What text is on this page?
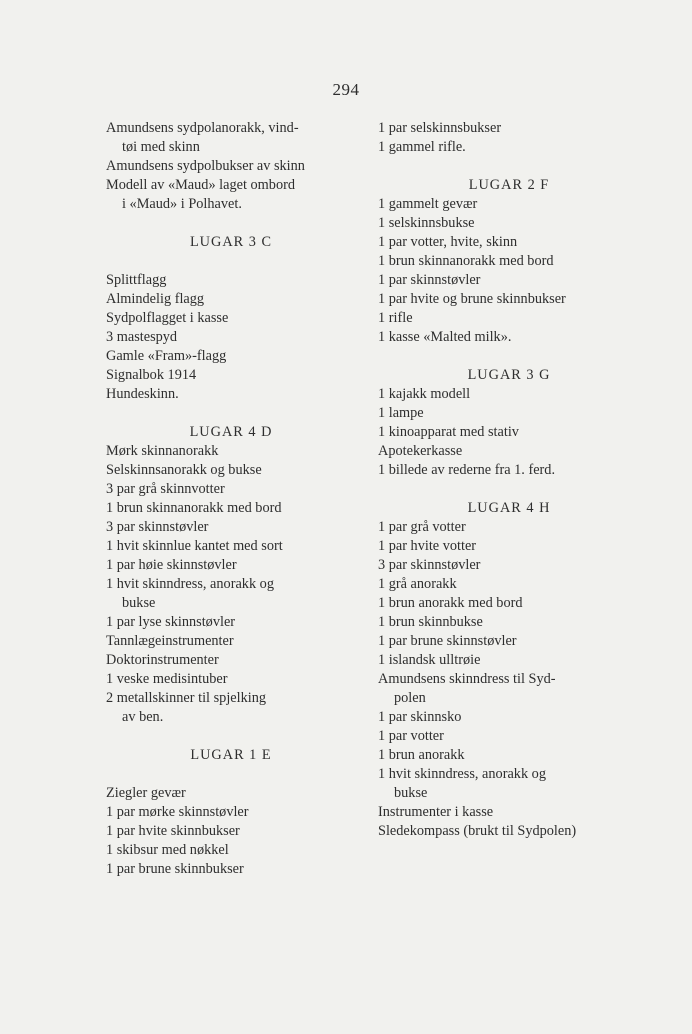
294
Amundsens sydpolanorakk, vind-
tøi med skinn
Amundsens sydpolbukser av skinn
Modell av «Maud» laget ombord
i «Maud» i Polhavet.
LUGAR 3 C
Splittflagg
Almindelig flagg
Sydpolflagget i kasse
3 mastespyd
Gamle «Fram»-flagg
Signalbok 1914
Hundeskinn.
LUGAR 4 D
Mørk skinnanorakk
Selskinnsanorakk og bukse
3 par grå skinnvotter
1 brun skinnanorakk med bord
3 par skinnstøvler
1 hvit skinnlue kantet med sort
1 par høie skinnstøvler
1 hvit skinndress, anorakk og
bukse
1 par lyse skinnstøvler
Tannlægeinstrumenter
Doktorinstrumenter
1 veske medisintuber
2 metallskinner til spjelking
av ben.
LUGAR 1 E
Ziegler gevær
1 par mørke skinnstøvler
1 par hvite skinnbukser
1 skibsur med nøkkel
1 par brune skinnbukser
1 par selskinnsbukser
1 gammel rifle.
LUGAR 2 F
1 gammelt gevær
1 selskinnsbukse
1 par votter, hvite, skinn
1 brun skinnanorakk med bord
1 par skinnstøvler
1 par hvite og brune skinnbukser
1 rifle
1 kasse «Malted milk».
LUGAR 3 G
1 kajakk modell
1 lampe
1 kinoapparat med stativ
Apotekerkasse
1 billede av rederne fra 1. ferd.
LUGAR 4 H
1 par grå votter
1 par hvite votter
3 par skinnstøvler
1 grå anorakk
1 brun anorakk med bord
1 brun skinnbukse
1 par brune skinnstøvler
1 islandsk ulltrøie
Amundsens skinndress til Syd-
polen
1 par skinnsko
1 par votter
1 brun anorakk
1 hvit skinndress, anorakk og
bukse
Instrumenter i kasse
Sledekompass (brukt til Sydpolen)
